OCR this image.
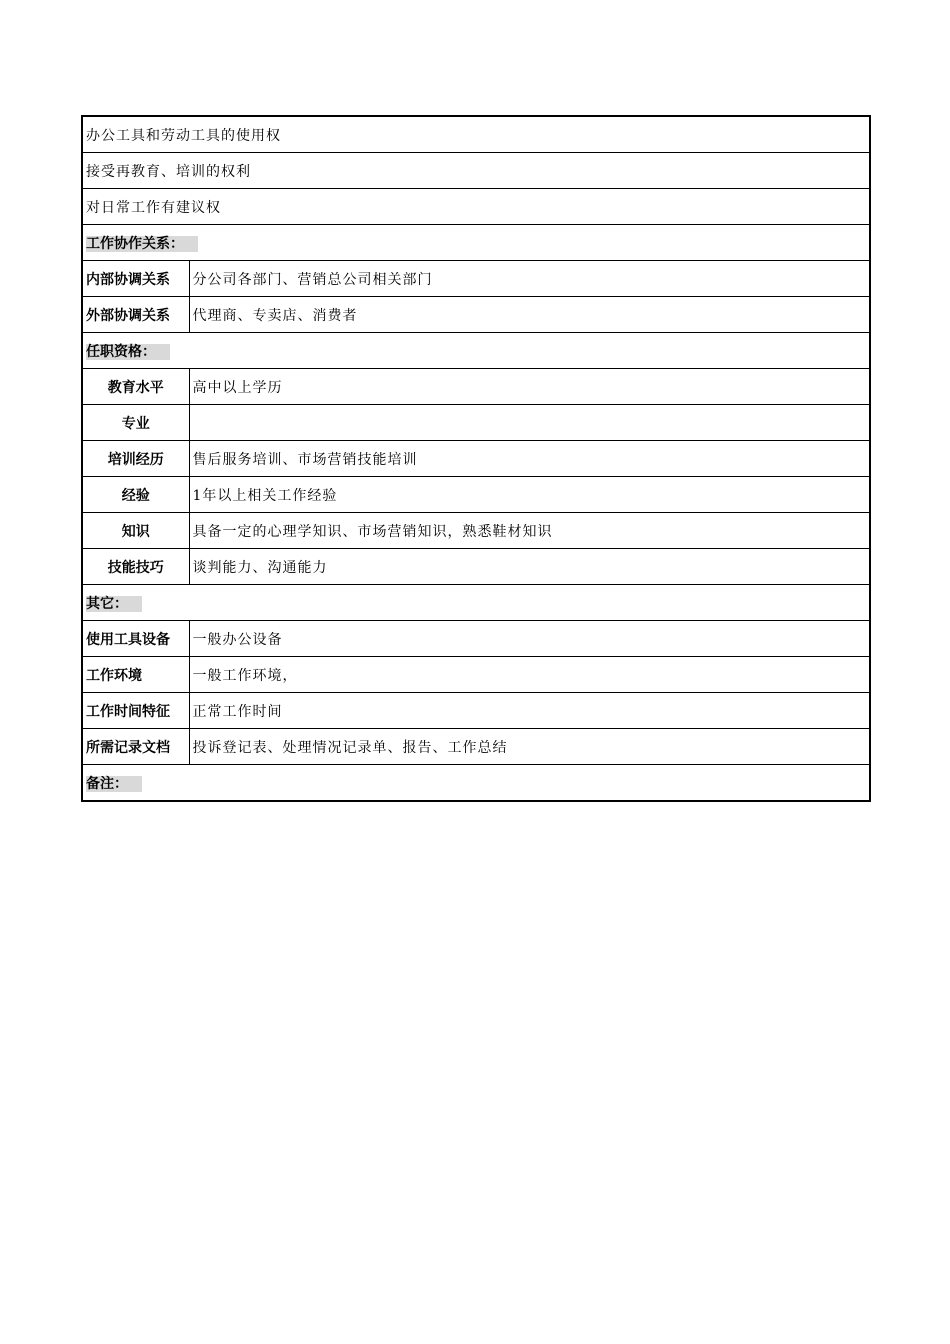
办公工具和劳动工具的使用权	
接受再教育、培训的权利	
对日常工作有建议权	
工作协作关系：	
内部协调关系	分公司各部门、营销总公司相关部门
外部协调关系	代理商、专卖店、消费者
任职资格：	
教育水平	高中以上学历
专业	
培训经历	售后服务培训、市场营销技能培训
经验	1年以上相关工作经验
知识	具备一定的心理学知识、市场营销知识，熟悉鞋材知识
技能技巧	谈判能力、沟通能力
其它：	
使用工具设备	一般办公设备
工作环境	一般工作环境，
工作时间特征	正常工作时间
所需记录文档	投诉登记表、处理情况记录单、报告、工作总结
备注：	
